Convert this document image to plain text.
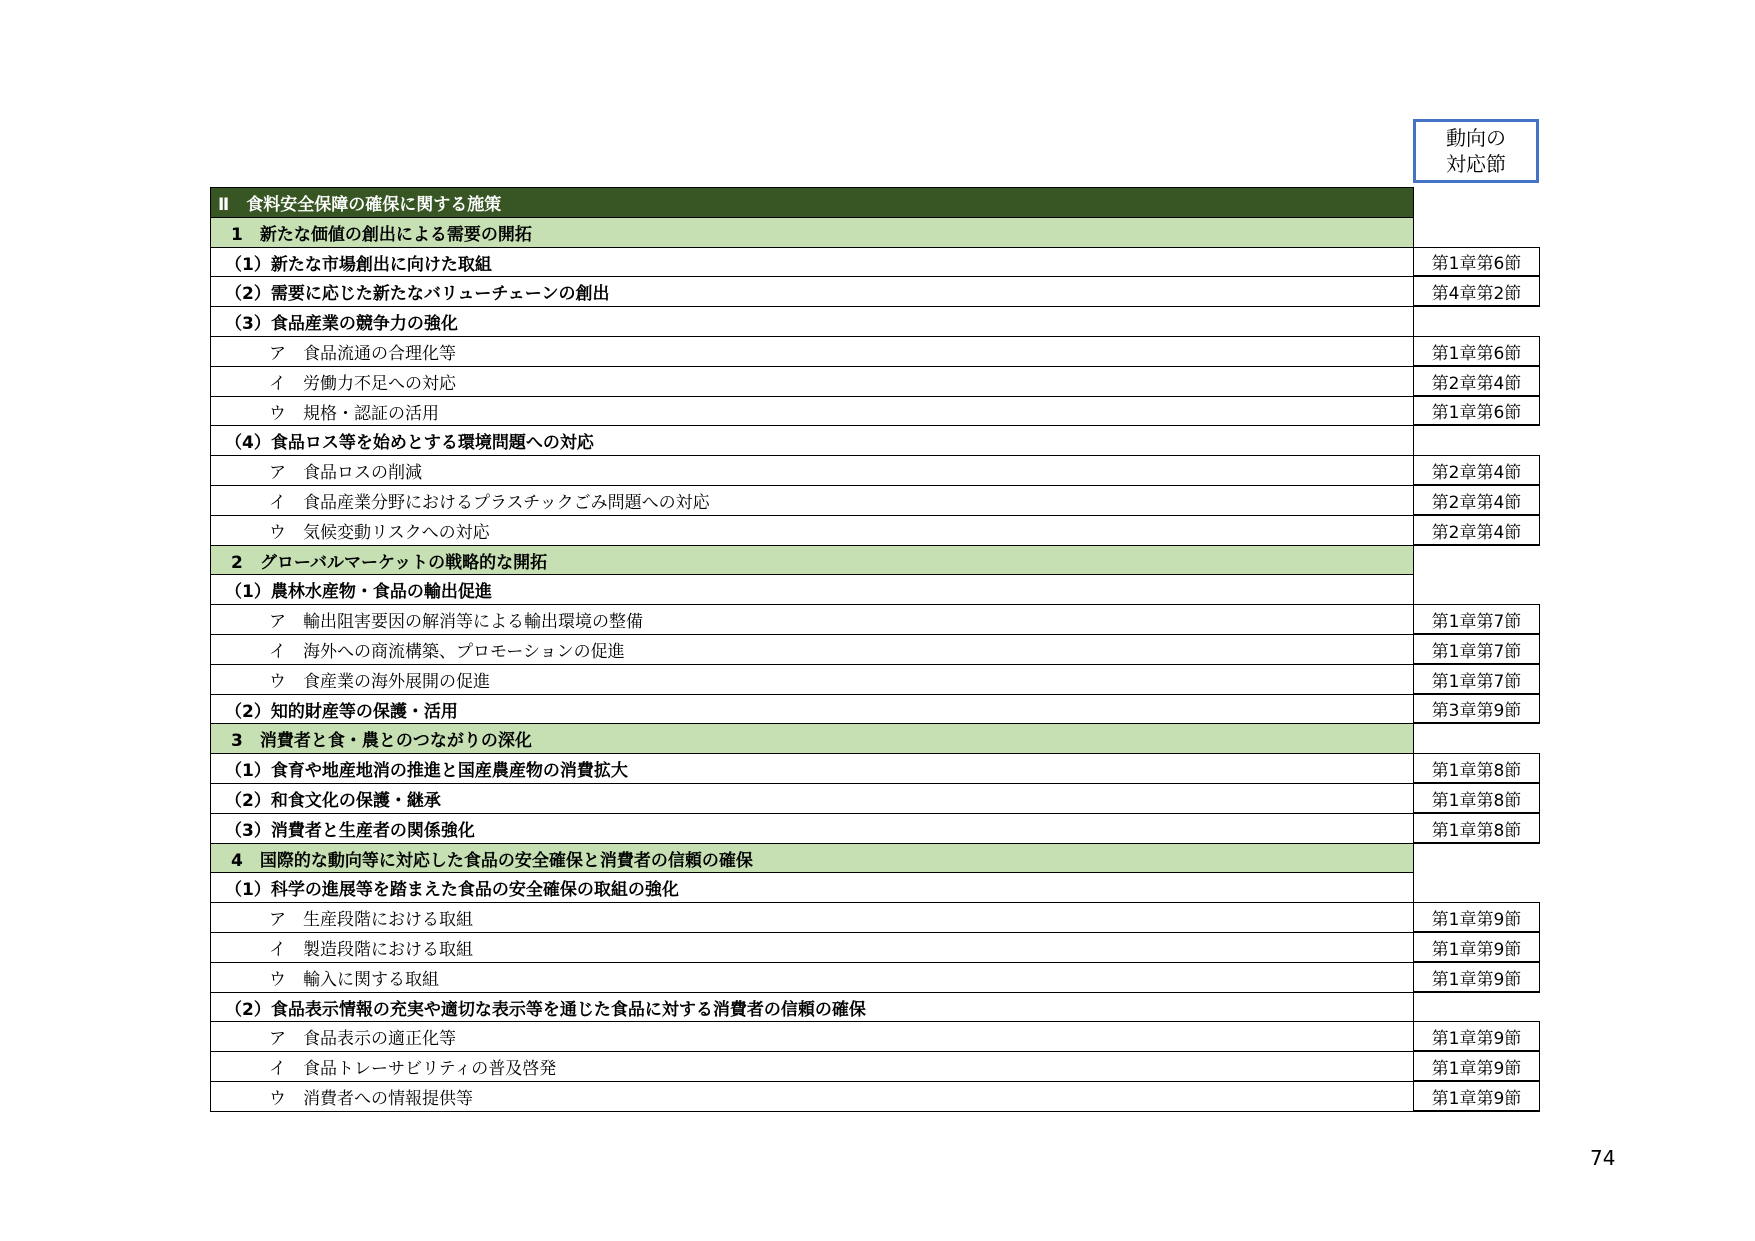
動向の
対応節
Ⅱ　食料安全保障の確保に関する施策
1　新たな価値の創出による需要の開拓
（1）新たな市場創出に向けた取組	第1章第6節
（2）需要に応じた新たなバリューチェーンの創出	第4章第2節
（3）食品産業の競争力の強化
ア　食品流通の合理化等	第1章第6節
イ　労働力不足への対応	第2章第4節
ウ　規格・認証の活用	第1章第6節
（4）食品ロス等を始めとする環境問題への対応
ア　食品ロスの削減	第2章第4節
イ　食品産業分野におけるプラスチックごみ問題への対応	第2章第4節
ウ　気候変動リスクへの対応	第2章第4節
2　グローバルマーケットの戦略的な開拓
（1）農林水産物・食品の輸出促進
ア　輸出阻害要因の解消等による輸出環境の整備	第1章第7節
イ　海外への商流構築、プロモーションの促進	第1章第7節
ウ　食産業の海外展開の促進	第1章第7節
（2）知的財産等の保護・活用	第3章第9節
3　消費者と食・農とのつながりの深化
（1）食育や地産地消の推進と国産農産物の消費拡大	第1章第8節
（2）和食文化の保護・継承	第1章第8節
（3）消費者と生産者の関係強化	第1章第8節
4　国際的な動向等に対応した食品の安全確保と消費者の信頼の確保
（1）科学の進展等を踏まえた食品の安全確保の取組の強化
ア　生産段階における取組	第1章第9節
イ　製造段階における取組	第1章第9節
ウ　輸入に関する取組	第1章第9節
（2）食品表示情報の充実や適切な表示等を通じた食品に対する消費者の信頼の確保
ア　食品表示の適正化等	第1章第9節
イ　食品トレーサビリティの普及啓発	第1章第9節
ウ　消費者への情報提供等	第1章第9節
74
